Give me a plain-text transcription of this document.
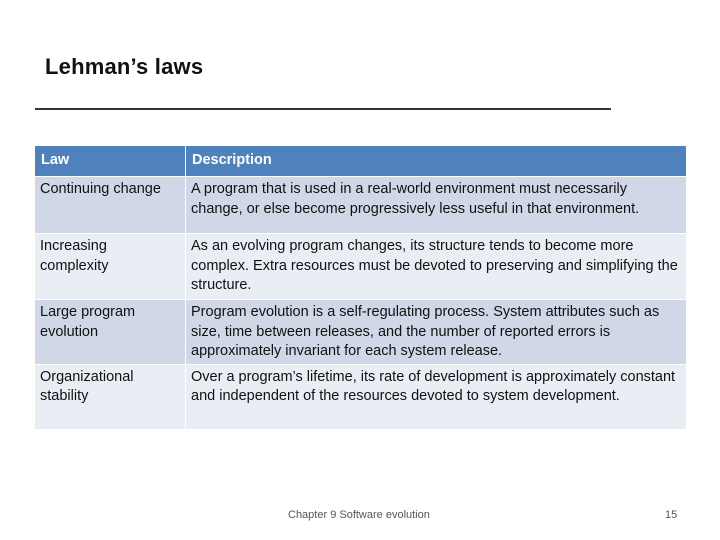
Lehman’s laws
Law	Description
Continuing change	A program that is used in a real-world environment must necessarily change, or else become progressively less useful in that environment.
Increasing complexity	As an evolving program changes, its structure tends to become more complex. Extra resources must be devoted to preserving and simplifying the structure.
Large program evolution	Program evolution is a self-regulating process. System attributes such as size, time between releases, and the number of reported errors is approximately invariant for each system release.
Organizational stability	Over a program’s lifetime, its rate of development is approximately constant and independent of the resources devoted to system development.
Chapter 9 Software evolution	15
